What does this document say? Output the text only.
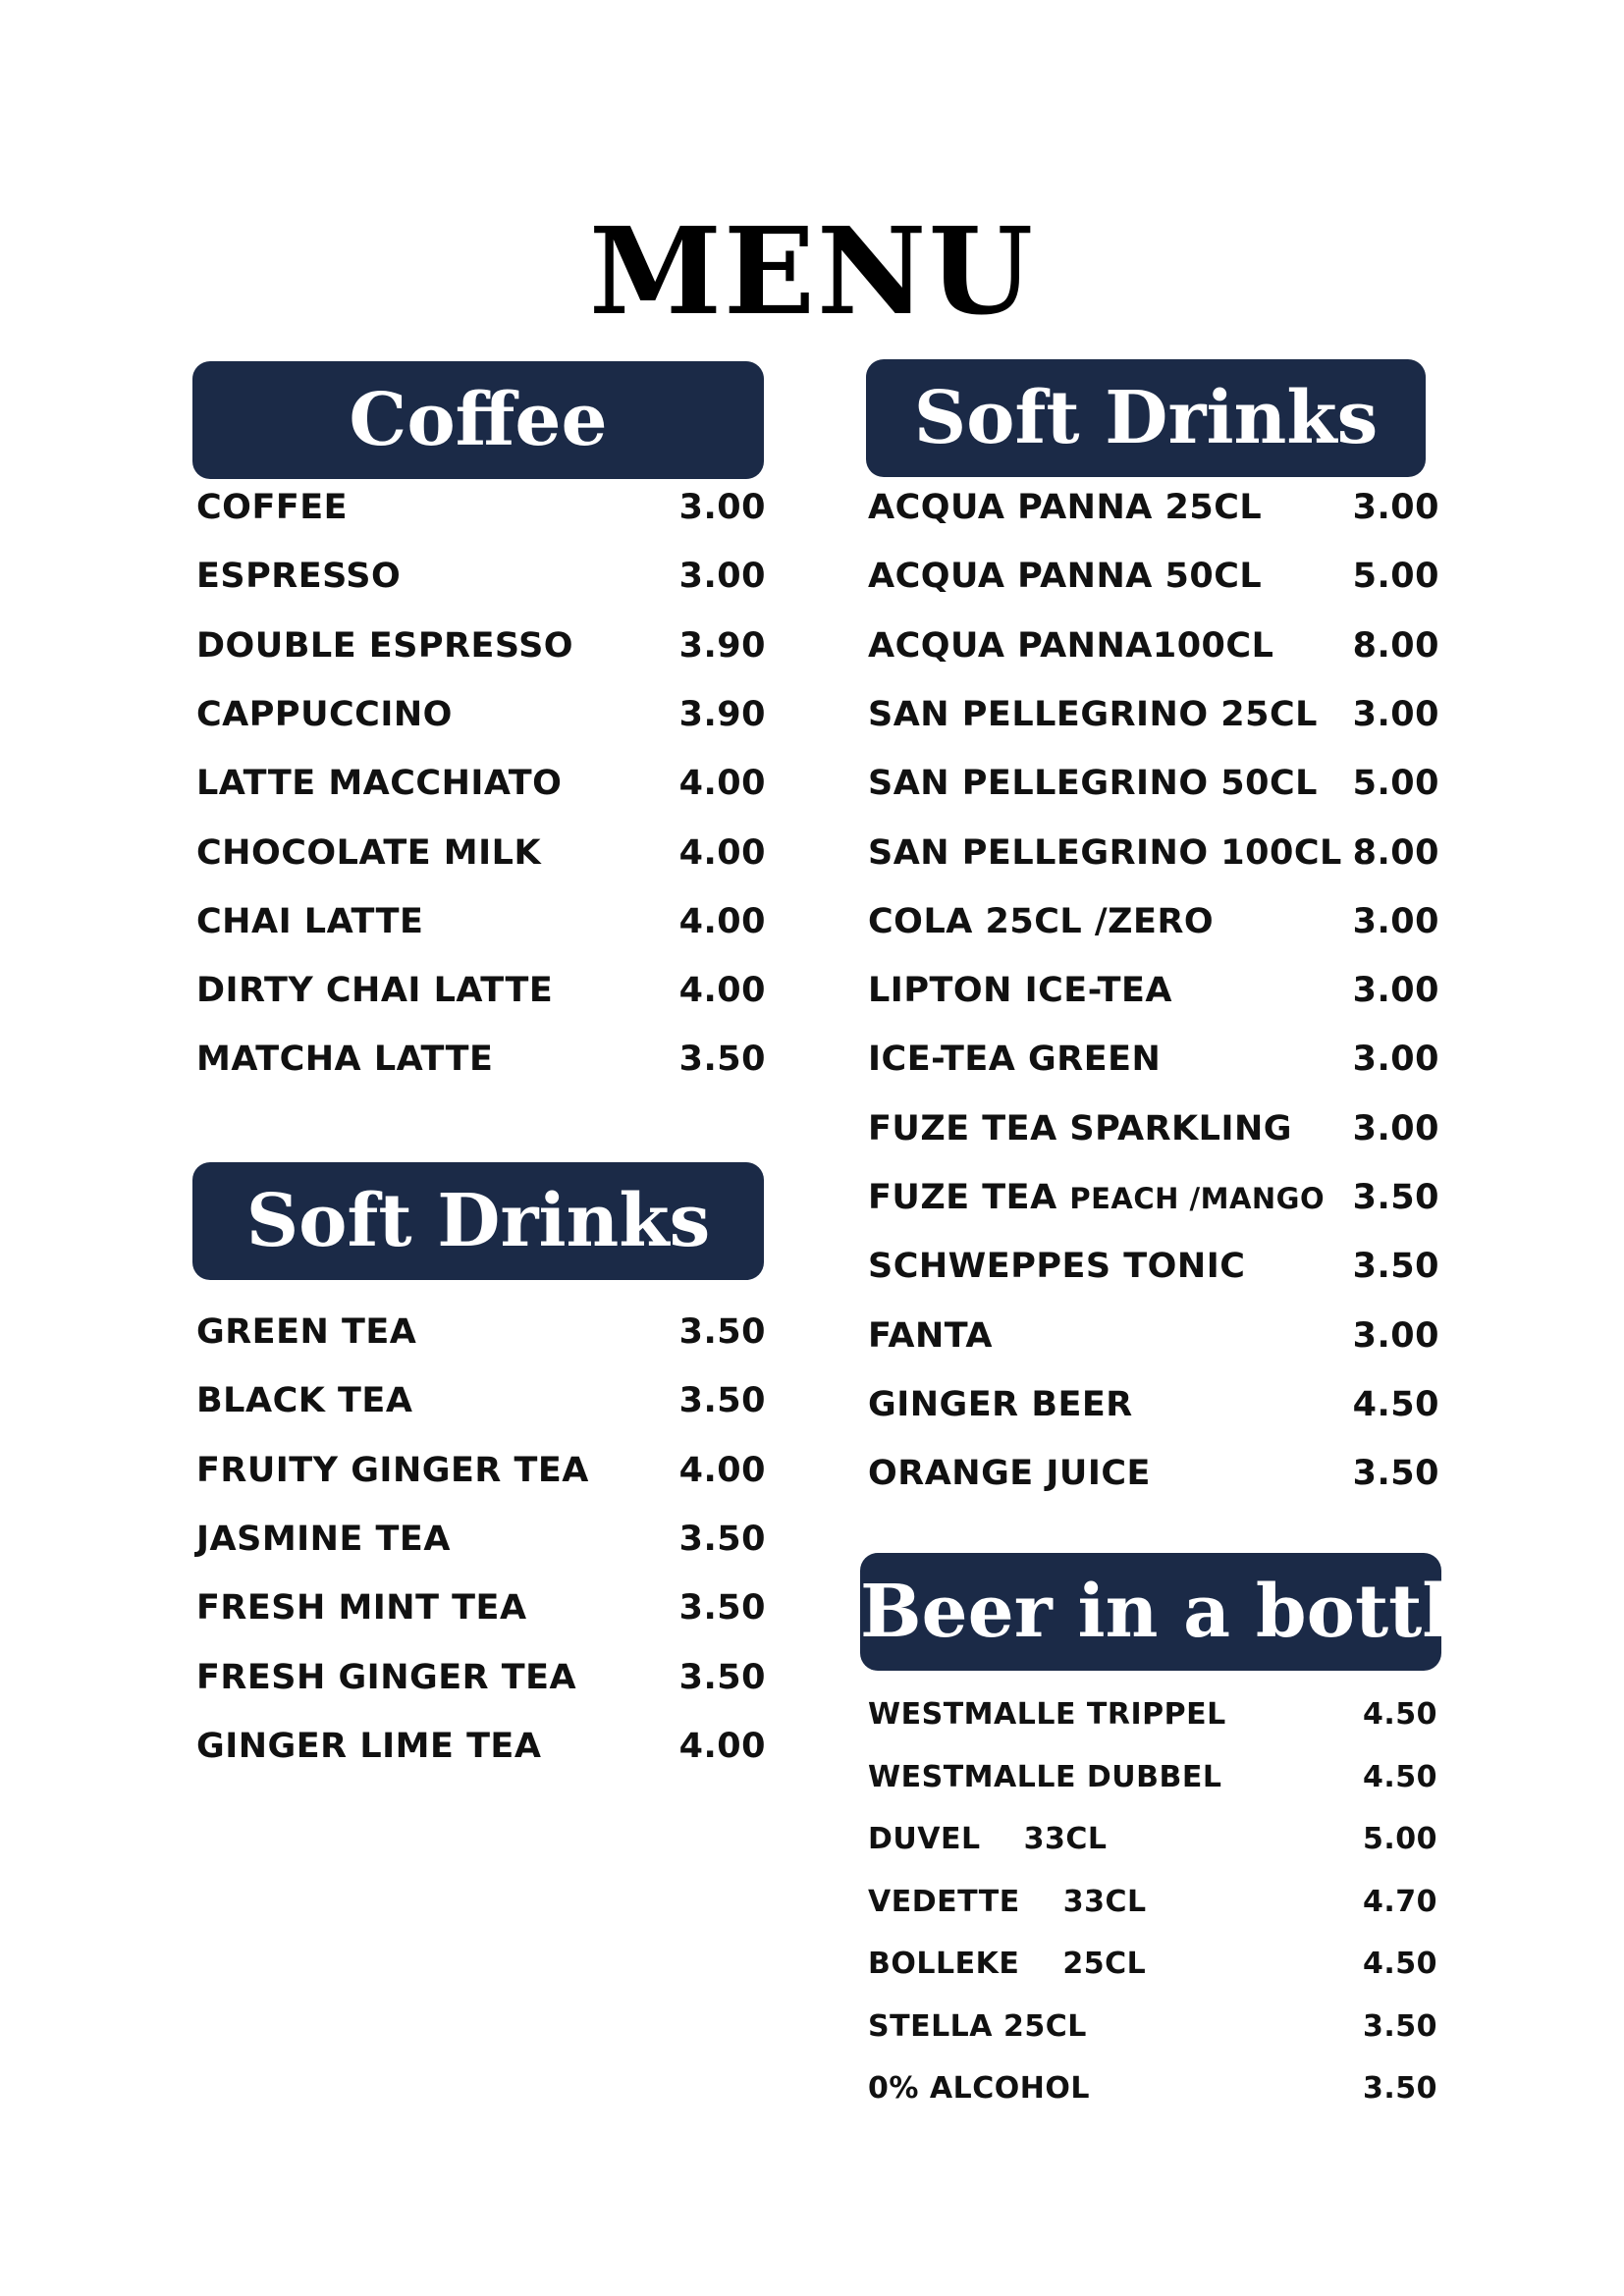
MENU
Coffee
COFFEE	3.00
ESPRESSO	3.00
DOUBLE ESPRESSO	3.90
CAPPUCCINO	3.90
LATTE MACCHIATO	4.00
CHOCOLATE MILK	4.00
CHAI LATTE	4.00
DIRTY CHAI LATTE	4.00
MATCHA LATTE	3.50
Soft Drinks
GREEN TEA	3.50
BLACK TEA	3.50
FRUITY GINGER TEA	4.00
JASMINE TEA	3.50
FRESH MINT TEA	3.50
FRESH GINGER TEA	3.50
GINGER LIME TEA	4.00
Soft Drinks
ACQUA PANNA 25CL	3.00
ACQUA PANNA 50CL	5.00
ACQUA PANNA100CL 8.00
SAN PELLEGRINO 25CL 3.00
SAN PELLEGRINO 50CL 5.00
SAN PELLEGRINO 100CL 8.00
COLA 25CL /ZERO	3.00
LIPTON ICE-TEA	3.00
ICE-TEA GREEN	3.00
FUZE TEA SPARKLING 3.00
FUZE TEA PEACH /MANGO 3.50
SCHWEPPES TONIC	3.50
FANTA	3.00
GINGER BEER	4.50
ORANGE JUICE	3.50
Beer in a bottle
WESTMALLE TRIPPEL	4.50
WESTMALLE DUBBEL	4.50
DUVEL 33CL	5.00
VEDETTE 33CL	4.70
BOLLEKE 25CL	4.50
STELLA 25CL	3.50
0% ALCOHOL	3.50
